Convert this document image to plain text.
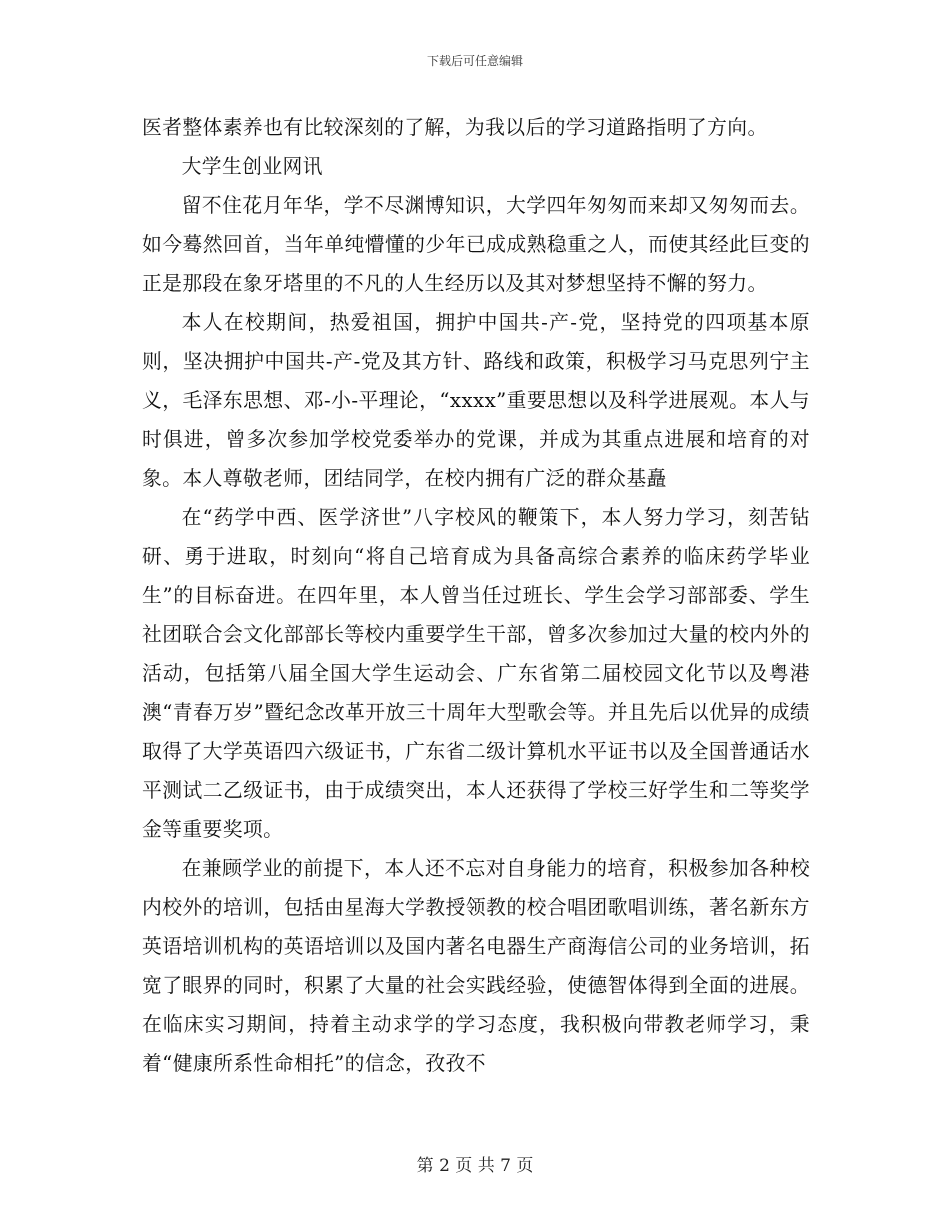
下载后可任意编辑

医者整体素养也有比较深刻的了解，为我以后的学习道路指明了方向。

大学生创业网讯

留不住花月年华，学不尽渊博知识，大学四年匆匆而来却又匆匆而去。如今蓦然回首，当年单纯懵懂的少年已成成熟稳重之人，而使其经此巨变的正是那段在象牙塔里的不凡的人生经历以及其对梦想坚持不懈的努力。

本人在校期间，热爱祖国，拥护中国共-产-党，坚持党的四项基本原则，坚决拥护中国共-产-党及其方针、路线和政策，积极学习马克思列宁主义，毛泽东思想、邓-小-平理论，“xxxx”重要思想以及科学进展观。本人与时俱进，曾多次参加学校党委举办的党课，并成为其重点进展和培育的对象。本人尊敬老师，团结同学，在校内拥有广泛的群众基矗

在“药学中西、医学济世”八字校风的鞭策下，本人努力学习，刻苦钻研、勇于进取，时刻向“将自己培育成为具备高综合素养的临床药学毕业生”的目标奋进。在四年里，本人曾当任过班长、学生会学习部部委、学生社团联合会文化部部长等校内重要学生干部，曾多次参加过大量的校内外的活动，包括第八届全国大学生运动会、广东省第二届校园文化节以及粤港澳“青春万岁”暨纪念改革开放三十周年大型歌会等。并且先后以优异的成绩取得了大学英语四六级证书，广东省二级计算机水平证书以及全国普通话水平测试二乙级证书，由于成绩突出，本人还获得了学校三好学生和二等奖学金等重要奖项。

在兼顾学业的前提下，本人还不忘对自身能力的培育，积极参加各种校内校外的培训，包括由星海大学教授领教的校合唱团歌唱训练，著名新东方英语培训机构的英语培训以及国内著名电器生产商海信公司的业务培训，拓宽了眼界的同时，积累了大量的社会实践经验，使德智体得到全面的进展。在临床实习期间，持着主动求学的学习态度，我积极向带教老师学习，秉着“健康所系性命相托”的信念，孜孜不

第 2 页 共 7 页
